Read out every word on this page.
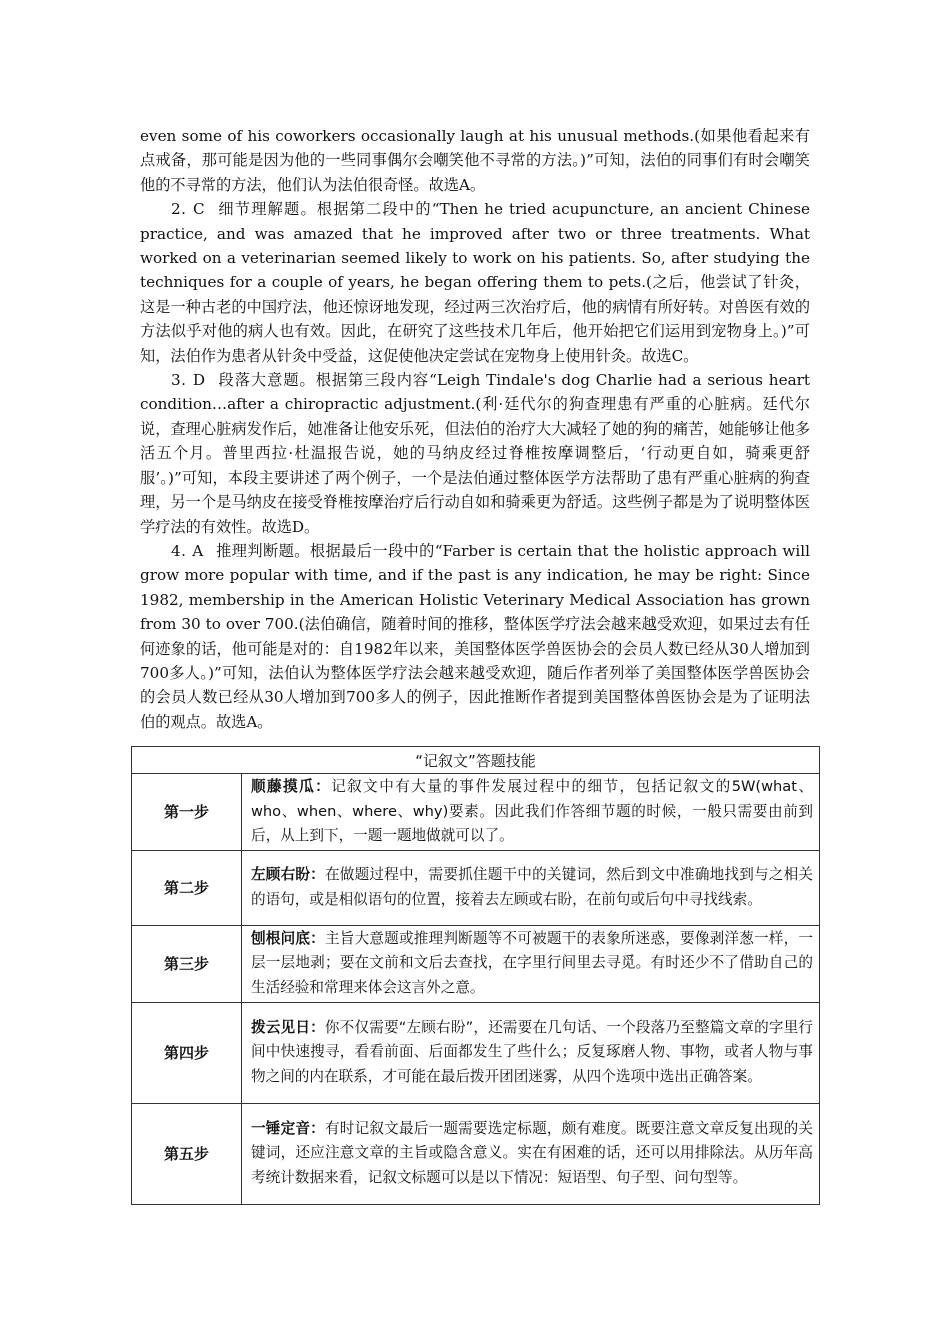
even some of his coworkers occasionally laugh at his unusual methods.(如果他看起来有点戒备，那可能是因为他的一些同事偶尔会嘲笑他不寻常的方法。)”可知，法伯的同事们有时会嘲笑他的不寻常的方法，他们认为法伯很奇怪。故选A。

2. C 细节理解题。根据第二段中的“Then he tried acupuncture, an ancient Chinese practice, and was amazed that he improved after two or three treatments. What worked on a veterinarian seemed likely to work on his patients. So, after studying the techniques for a couple of years, he began offering them to pets.(之后，他尝试了针灸，这是一种古老的中国疗法，他还惊讶地发现，经过两三次治疗后，他的病情有所好转。对兽医有效的方法似乎对他的病人也有效。因此，在研究了这些技术几年后，他开始把它们运用到宠物身上。)”可知，法伯作为患者从针灸中受益，这促使他决定尝试在宠物身上使用针灸。故选C。

3. D 段落大意题。根据第三段内容“Leigh Tindale's dog Charlie had a serious heart condition…after a chiropractic adjustment.(利·廷代尔的狗查理患有严重的心脏病。廷代尔说，查理心脏病发作后，她准备让他安乐死，但法伯的治疗大大减轻了她的狗的痛苦，她能够让他多活五个月。普里西拉·杜温报告说，她的马纳皮经过脊椎按摩调整后，‘行动更自如，骑乘更舒服’。)”可知，本段主要讲述了两个例子，一个是法伯通过整体医学方法帮助了患有严重心脏病的狗查理，另一个是马纳皮在接受脊椎按摩治疗后行动自如和骑乘更为舒适。这些例子都是为了说明整体医学疗法的有效性。故选D。

4. A 推理判断题。根据最后一段中的“Farber is certain that the holistic approach will grow more popular with time, and if the past is any indication, he may be right: Since 1982, membership in the American Holistic Veterinary Medical Association has grown from 30 to over 700.(法伯确信，随着时间的推移，整体医学疗法会越来越受欢迎，如果过去有任何迹象的话，他可能是对的：自1982年以来，美国整体医学兽医协会的会员人数已经从30人增加到700多人。)”可知，法伯认为整体医学疗法会越来越受欢迎，随后作者列举了美国整体医学兽医协会的会员人数已经从30人增加到700多人的例子，因此推断作者提到美国整体兽医协会是为了证明法伯的观点。故选A。

“记叙文”答题技能	
第一步	顺藤摸瓜：记叙文中有大量的事件发展过程中的细节，包括记叙文的5W(what、who、when、where、why)要素。因此我们作答细节题的时候，一般只需要由前到后，从上到下，一题一题地做就可以了。
第二步	左顾右盼：在做题过程中，需要抓住题干中的关键词，然后到文中准确地找到与之相关的语句，或是相似语句的位置，接着去左顾或右盼，在前句或后句中寻找线索。
第三步	刨根问底：主旨大意题或推理判断题等不可被题干的表象所迷惑，要像剥洋葱一样，一层一层地剥；要在文前和文后去查找，在字里行间里去寻觅。有时还少不了借助自己的生活经验和常理来体会这言外之意。
第四步	拨云见日：你不仅需要“左顾右盼”，还需要在几句话、一个段落乃至整篇文章的字里行间中快速搜寻，看看前面、后面都发生了些什么；反复琢磨人物、事物，或者人物与事物之间的内在联系，才可能在最后拨开团团迷雾，从四个选项中选出正确答案。
第五步	一锤定音：有时记叙文最后一题需要选定标题，颇有难度。既要注意文章反复出现的关键词，还应注意文章的主旨或隐含意义。实在有困难的话，还可以用排除法。从历年高考统计数据来看，记叙文标题可以是以下情况：短语型、句子型、问句型等。
